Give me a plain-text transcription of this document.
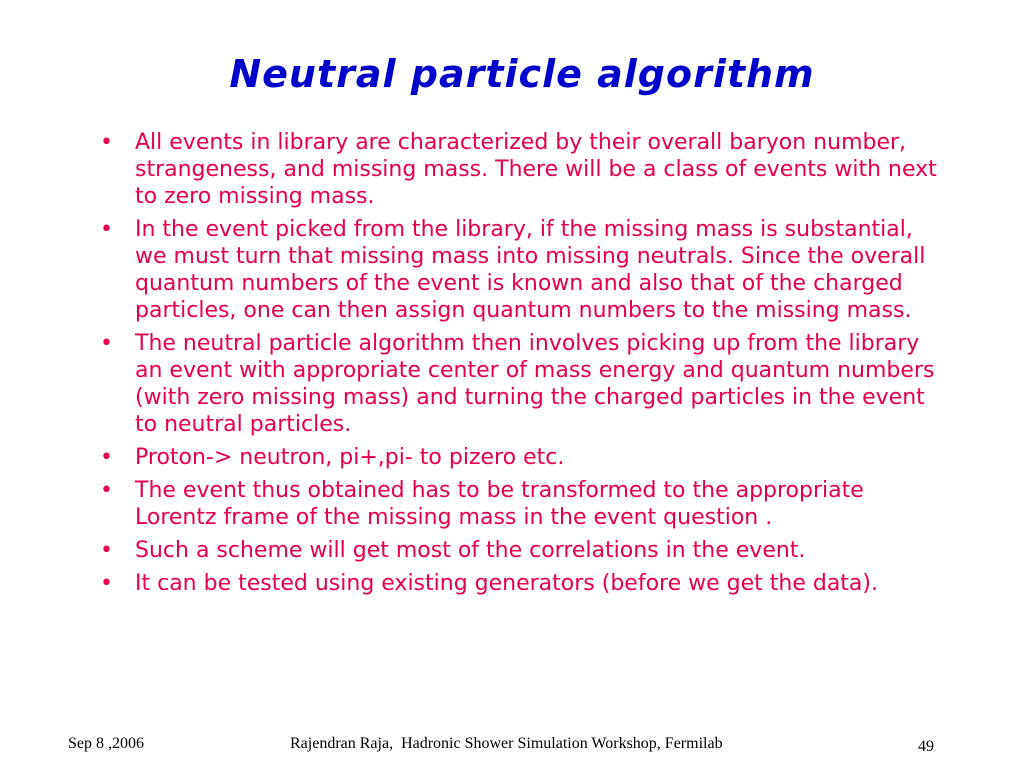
Neutral particle algorithm
• All events in library are characterized by their overall baryon number, strangeness, and missing mass. There will be a class of events with next to zero missing mass.
• In the event picked from the library, if the missing mass is substantial, we must turn that missing mass into missing neutrals. Since the overall quantum numbers of the event is known and also that of the charged particles, one can then assign quantum numbers to the missing mass.
• The neutral particle algorithm then involves picking up from the library an event with appropriate center of mass energy and quantum numbers (with zero missing mass) and turning the charged particles in the event to neutral particles.
• Proton-> neutron, pi+,pi- to pizero etc.
• The event thus obtained has to be transformed to the appropriate Lorentz frame of the missing mass in the event question .
• Such a scheme will get most of the correlations in the event.
• It can be tested using existing generators (before we get the data).
Sep 8 ,2006	Rajendran Raja,  Hadronic Shower Simulation Workshop, Fermilab	49
